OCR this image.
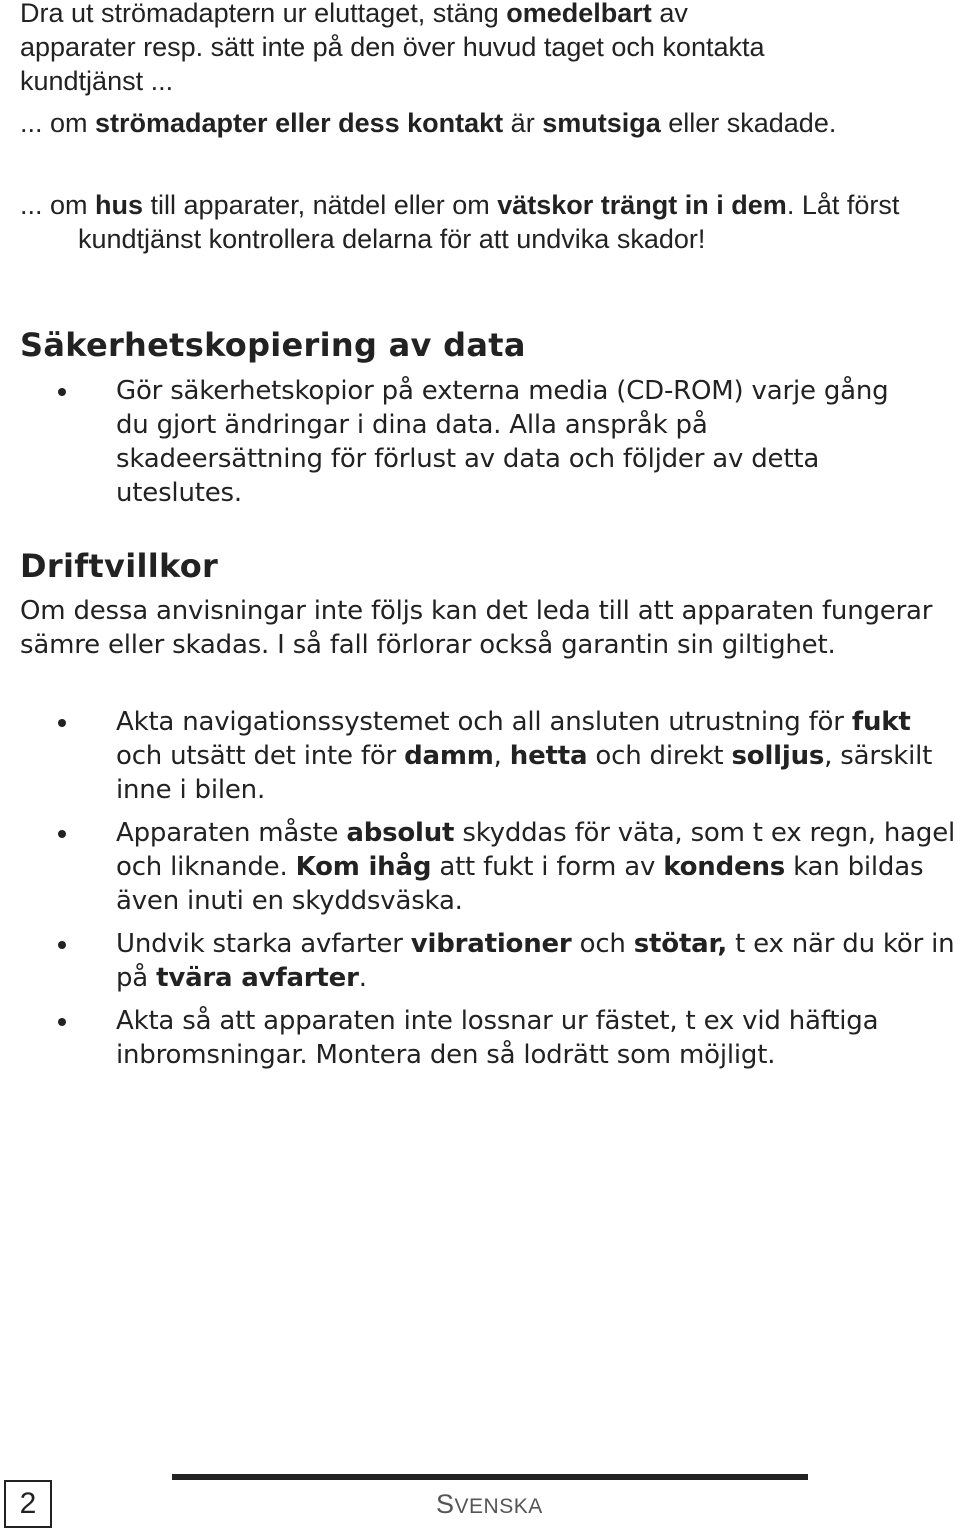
Dra ut strömadaptern ur eluttaget, stäng omedelbart av
apparater resp. sätt inte på den över huvud taget och kontakta
kundtjänst ...
... om strömadapter eller dess kontakt är smutsiga eller skadade.
... om hus till apparater, nätdel eller om vätskor trängt in i dem. Låt först kundtjänst kontrollera delarna för att undvika skador!
Säkerhetskopiering av data
Gör säkerhetskopior på externa media (CD-ROM) varje gång du gjort ändringar i dina data. Alla anspråk på skadeersättning för förlust av data och följder av detta uteslutes.
Driftvillkor

Om dessa anvisningar inte följs kan det leda till att apparaten fungerar sämre eller skadas. I så fall förlorar också garantin sin giltighet.

Akta navigationssystemet och all ansluten utrustning för fukt och utsätt det inte för damm, hetta och direkt solljus, särskilt inne i bilen.
Apparaten måste absolut skyddas för väta, som t ex regn, hagel och liknande. Kom ihåg att fukt i form av kondens kan bildas även inuti en skyddsväska.
Undvik starka avfarter vibrationer och stötar, t ex när du kör in på tvära avfarter.
Akta så att apparaten inte lossnar ur fästet, t ex vid häftiga inbromsningar. Montera den så lodrätt som möjligt.
2	SVENSKA
